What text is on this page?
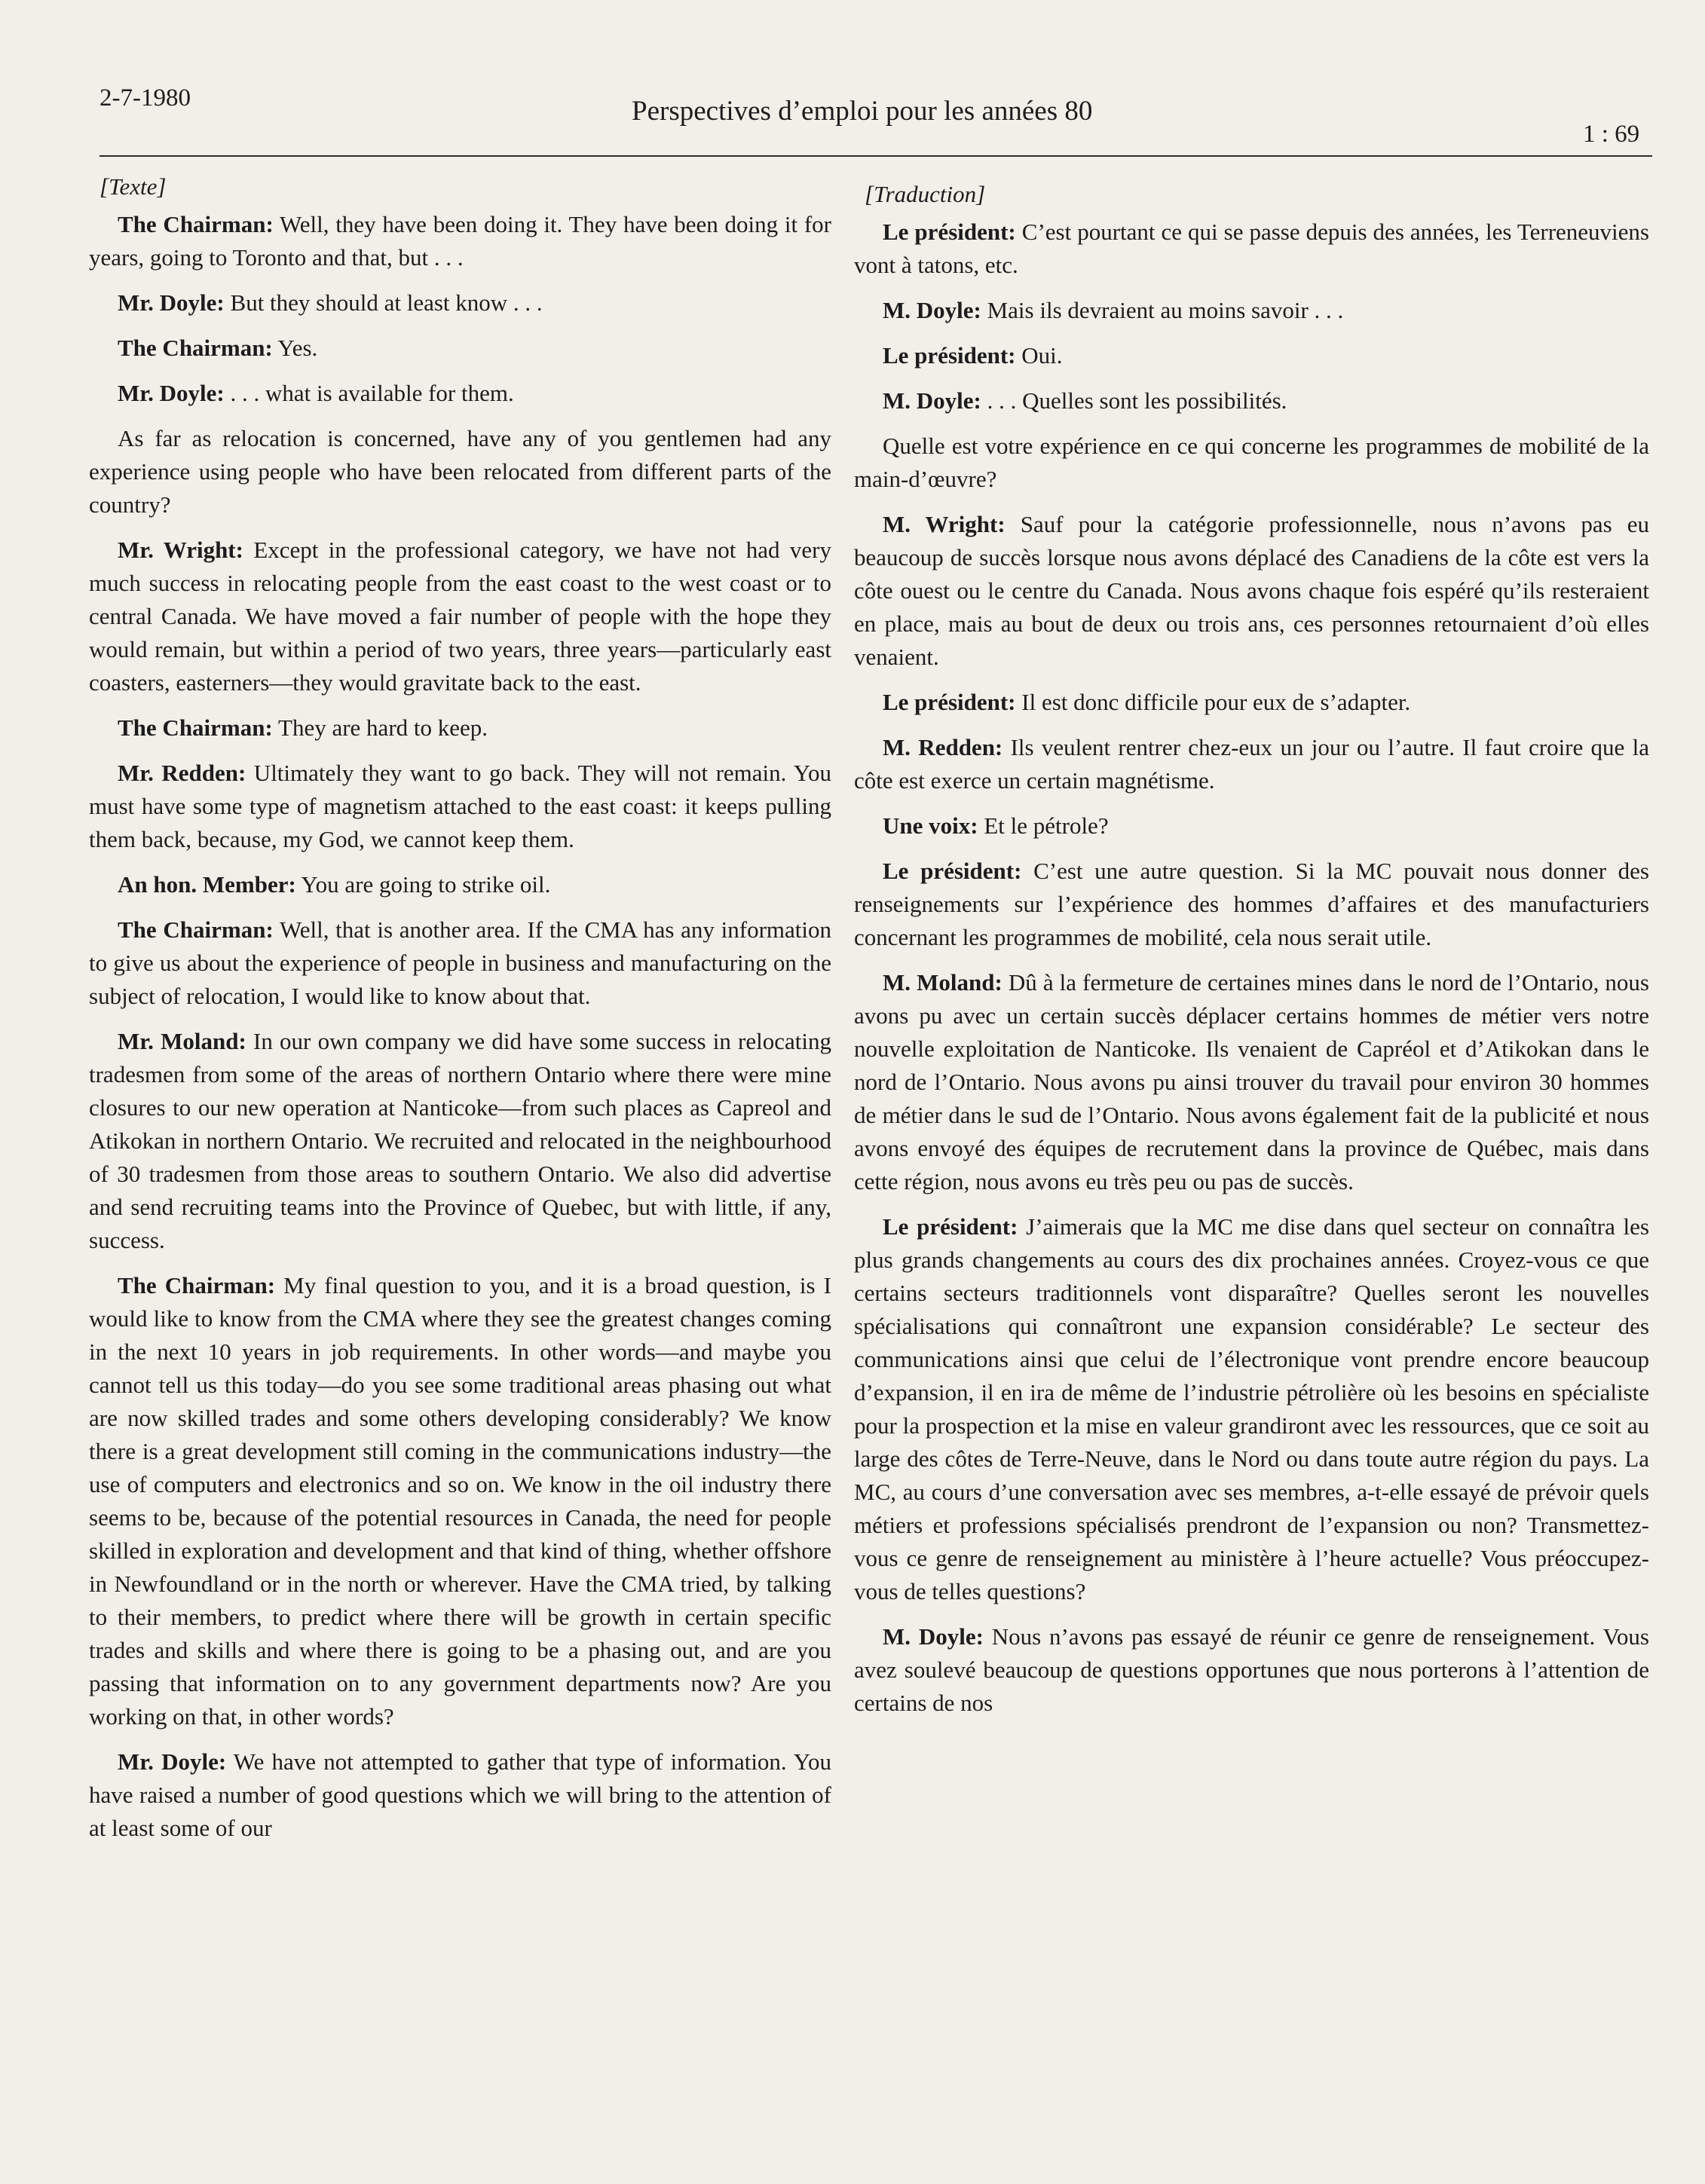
2-7-1980	Perspectives d’emploi pour les années 80
1 : 69

[Texte]

The Chairman: Well, they have been doing it. They have been doing it for years, going to Toronto and that, but . . .

Mr. Doyle: But they should at least know . . .

The Chairman: Yes.

Mr. Doyle: . . . what is available for them.

As far as relocation is concerned, have any of you gentlemen had any experience using people who have been relocated from different parts of the country?

Mr. Wright: Except in the professional category, we have not had very much success in relocating people from the east coast to the west coast or to central Canada. We have moved a fair number of people with the hope they would remain, but within a period of two years, three years—particularly east coasters, easterners—they would gravitate back to the east.

The Chairman: They are hard to keep.

Mr. Redden: Ultimately they want to go back. They will not remain. You must have some type of magnetism attached to the east coast: it keeps pulling them back, because, my God, we cannot keep them.

An hon. Member: You are going to strike oil.

The Chairman: Well, that is another area. If the CMA has any information to give us about the experience of people in business and manufacturing on the subject of relocation, I would like to know about that.

Mr. Moland: In our own company we did have some success in relocating tradesmen from some of the areas of northern Ontario where there were mine closures to our new operation at Nanticoke—from such places as Capreol and Atikokan in northern Ontario. We recruited and relocated in the neighbourhood of 30 tradesmen from those areas to southern Ontario. We also did advertise and send recruiting teams into the Province of Quebec, but with little, if any, success.

The Chairman: My final question to you, and it is a broad question, is I would like to know from the CMA where they see the greatest changes coming in the next 10 years in job requirements. In other words—and maybe you cannot tell us this today—do you see some traditional areas phasing out what are now skilled trades and some others developing considerably? We know there is a great development still coming in the communications industry—the use of computers and electronics and so on. We know in the oil industry there seems to be, because of the potential resources in Canada, the need for people skilled in exploration and development and that kind of thing, whether offshore in Newfoundland or in the north or wherever. Have the CMA tried, by talking to their members, to predict where there will be growth in certain specific trades and skills and where there is going to be a phasing out, and are you passing that information on to any government departments now? Are you working on that, in other words?

Mr. Doyle: We have not attempted to gather that type of information. You have raised a number of good questions which we will bring to the attention of at least some of our

[Traduction]

Le président: C’est pourtant ce qui se passe depuis des années, les Terreneuviens vont à tatons, etc.

M. Doyle: Mais ils devraient au moins savoir . . .

Le président: Oui.

M. Doyle: . . . Quelles sont les possibilités.

Quelle est votre expérience en ce qui concerne les programmes de mobilité de la main-d’œuvre?

M. Wright: Sauf pour la catégorie professionnelle, nous n’avons pas eu beaucoup de succès lorsque nous avons déplacé des Canadiens de la côte est vers la côte ouest ou le centre du Canada. Nous avons chaque fois espéré qu’ils resteraient en place, mais au bout de deux ou trois ans, ces personnes retournaient d’où elles venaient.

Le président: Il est donc difficile pour eux de s’adapter.

M. Redden: Ils veulent rentrer chez-eux un jour ou l’autre. Il faut croire que la côte est exerce un certain magnétisme.

Une voix: Et le pétrole?

Le président: C’est une autre question. Si la MC pouvait nous donner des renseignements sur l’expérience des hommes d’affaires et des manufacturiers concernant les programmes de mobilité, cela nous serait utile.

M. Moland: Dû à la fermeture de certaines mines dans le nord de l’Ontario, nous avons pu avec un certain succès déplacer certains hommes de métier vers notre nouvelle exploitation de Nanticoke. Ils venaient de Capréol et d’Atikokan dans le nord de l’Ontario. Nous avons pu ainsi trouver du travail pour environ 30 hommes de métier dans le sud de l’Ontario. Nous avons également fait de la publicité et nous avons envoyé des équipes de recrutement dans la province de Québec, mais dans cette région, nous avons eu très peu ou pas de succès.

Le président: J’aimerais que la MC me dise dans quel secteur on connaîtra les plus grands changements au cours des dix prochaines années. Croyez-vous ce que certains secteurs traditionnels vont disparaître? Quelles seront les nouvelles spécialisations qui connaîtront une expansion considérable? Le secteur des communications ainsi que celui de l’électronique vont prendre encore beaucoup d’expansion, il en ira de même de l’industrie pétrolière où les besoins en spécialiste pour la prospection et la mise en valeur grandiront avec les ressources, que ce soit au large des côtes de Terre-Neuve, dans le Nord ou dans toute autre région du pays. La MC, au cours d’une conversation avec ses membres, a-t-elle essayé de prévoir quels métiers et professions spécialisés prendront de l’expansion ou non? Transmettez-vous ce genre de renseignement au ministère à l’heure actuelle? Vous préoccupez-vous de telles questions?

M. Doyle: Nous n’avons pas essayé de réunir ce genre de renseignement. Vous avez soulevé beaucoup de questions opportunes que nous porterons à l’attention de certains de nos
